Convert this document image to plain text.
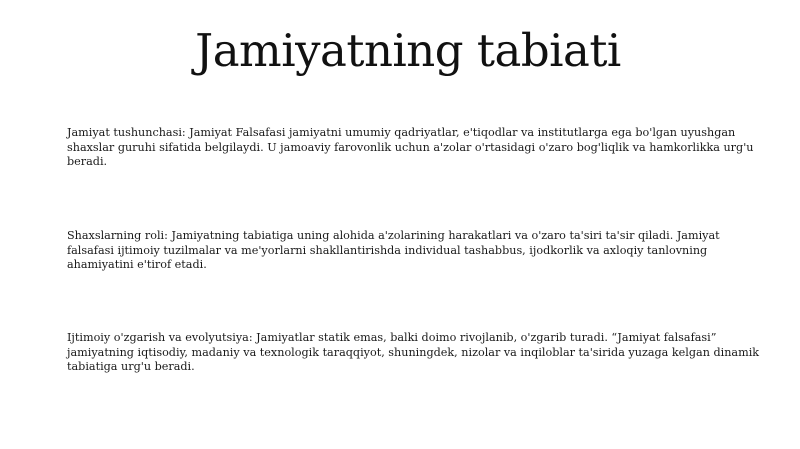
Jamiyatning tabiati

Jamiyat tushunchasi: Jamiyat Falsafasi jamiyatni umumiy qadriyatlar, e'tiqodlar va institutlarga ega bo'lgan uyushgan shaxslar guruhi sifatida belgilaydi. U jamoaviy farovonlik uchun a'zolar o'rtasidagi o'zaro bog'liqlik va hamkorlikka urg'u beradi.

Shaxslarning roli: Jamiyatning tabiatiga uning alohida a'zolarining harakatlari va o'zaro ta'siri ta'sir qiladi. Jamiyat falsafasi ijtimoiy tuzilmalar va me'yorlarni shakllantirishda individual tashabbus, ijodkorlik va axloqiy tanlovning ahamiyatini e'tirof etadi.

Ijtimoiy o'zgarish va evolyutsiya: Jamiyatlar statik emas, balki doimo rivojlanib, o'zgarib turadi. “Jamiyat falsafasi” jamiyatning iqtisodiy, madaniy va texnologik taraqqiyot, shuningdek, nizolar va inqiloblar ta'sirida yuzaga kelgan dinamik tabiatiga urg'u beradi.
